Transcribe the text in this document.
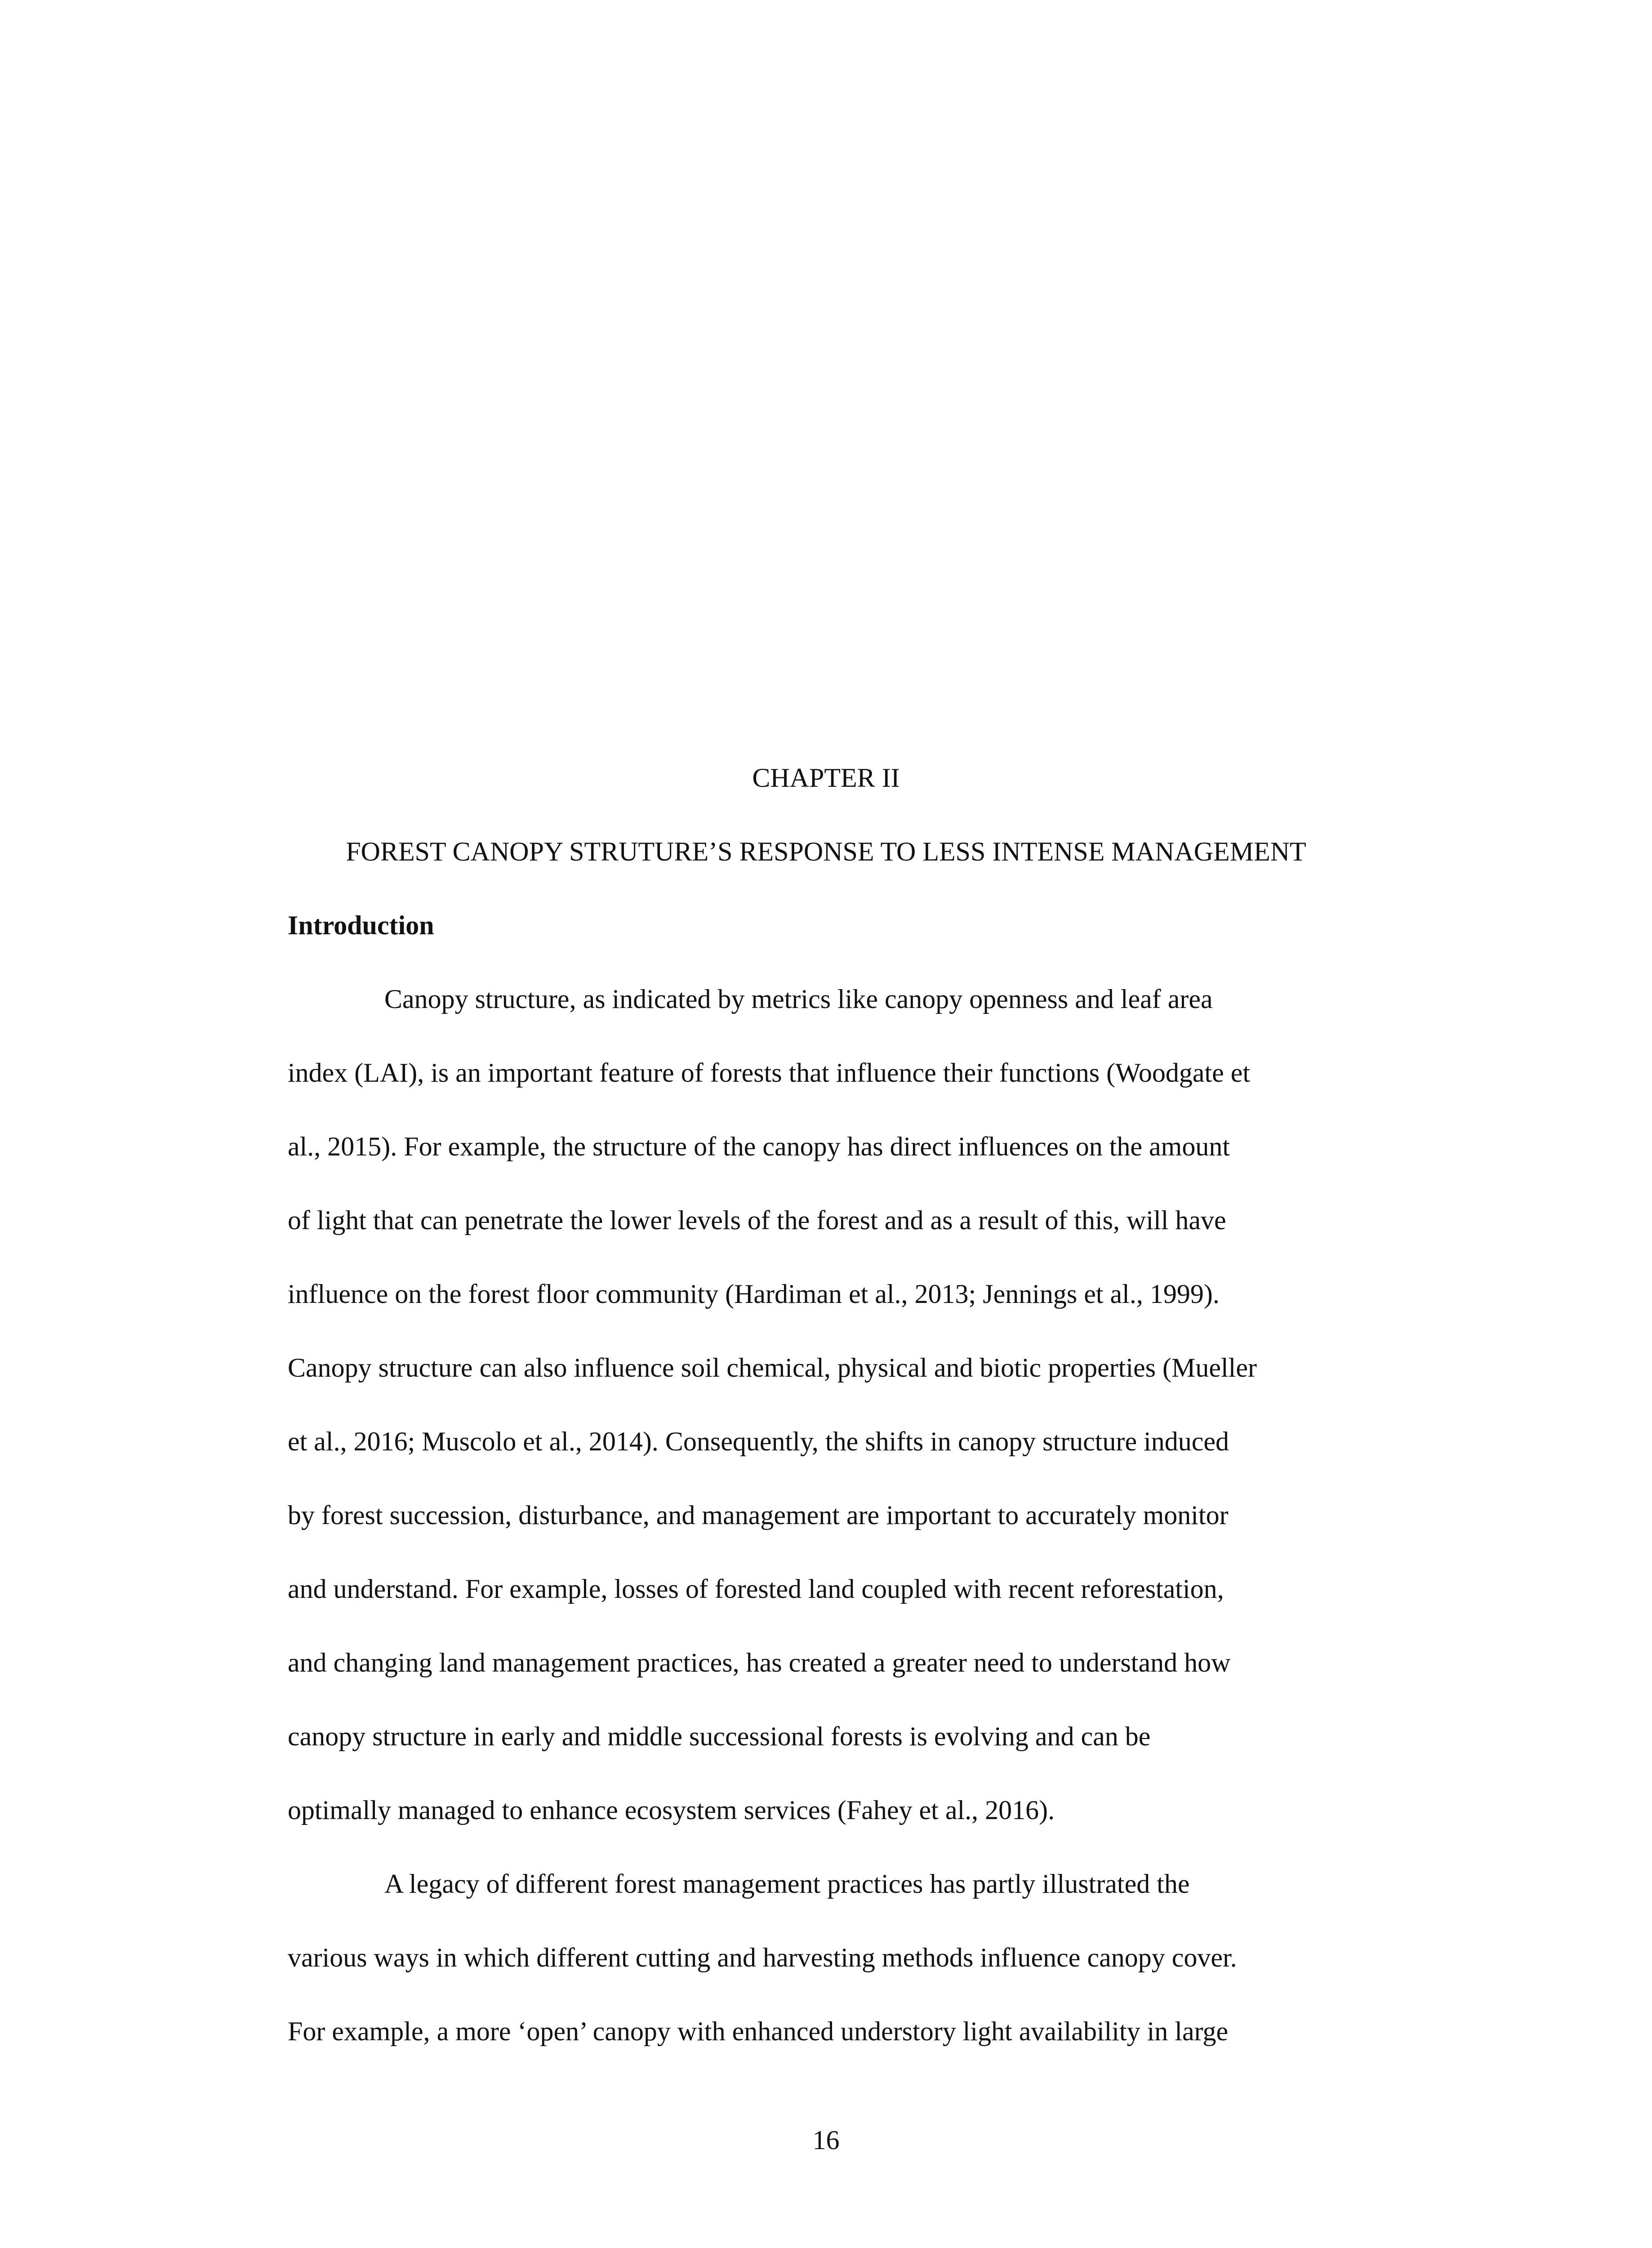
CHAPTER II
FOREST CANOPY STRUTURE’S RESPONSE TO LESS INTENSE MANAGEMENT
Introduction
Canopy structure, as indicated by metrics like canopy openness and leaf area
index (LAI), is an important feature of forests that influence their functions (Woodgate et
al., 2015). For example, the structure of the canopy has direct influences on the amount
of light that can penetrate the lower levels of the forest and as a result of this, will have
influence on the forest floor community (Hardiman et al., 2013; Jennings et al., 1999).
Canopy structure can also influence soil chemical, physical and biotic properties (Mueller
et al., 2016; Muscolo et al., 2014). Consequently, the shifts in canopy structure induced
by forest succession, disturbance, and management are important to accurately monitor
and understand. For example, losses of forested land coupled with recent reforestation,
and changing land management practices, has created a greater need to understand how
canopy structure in early and middle successional forests is evolving and can be
optimally managed to enhance ecosystem services (Fahey et al., 2016).
A legacy of different forest management practices has partly illustrated the
various ways in which different cutting and harvesting methods influence canopy cover.
For example, a more ‘open’ canopy with enhanced understory light availability in large
16
